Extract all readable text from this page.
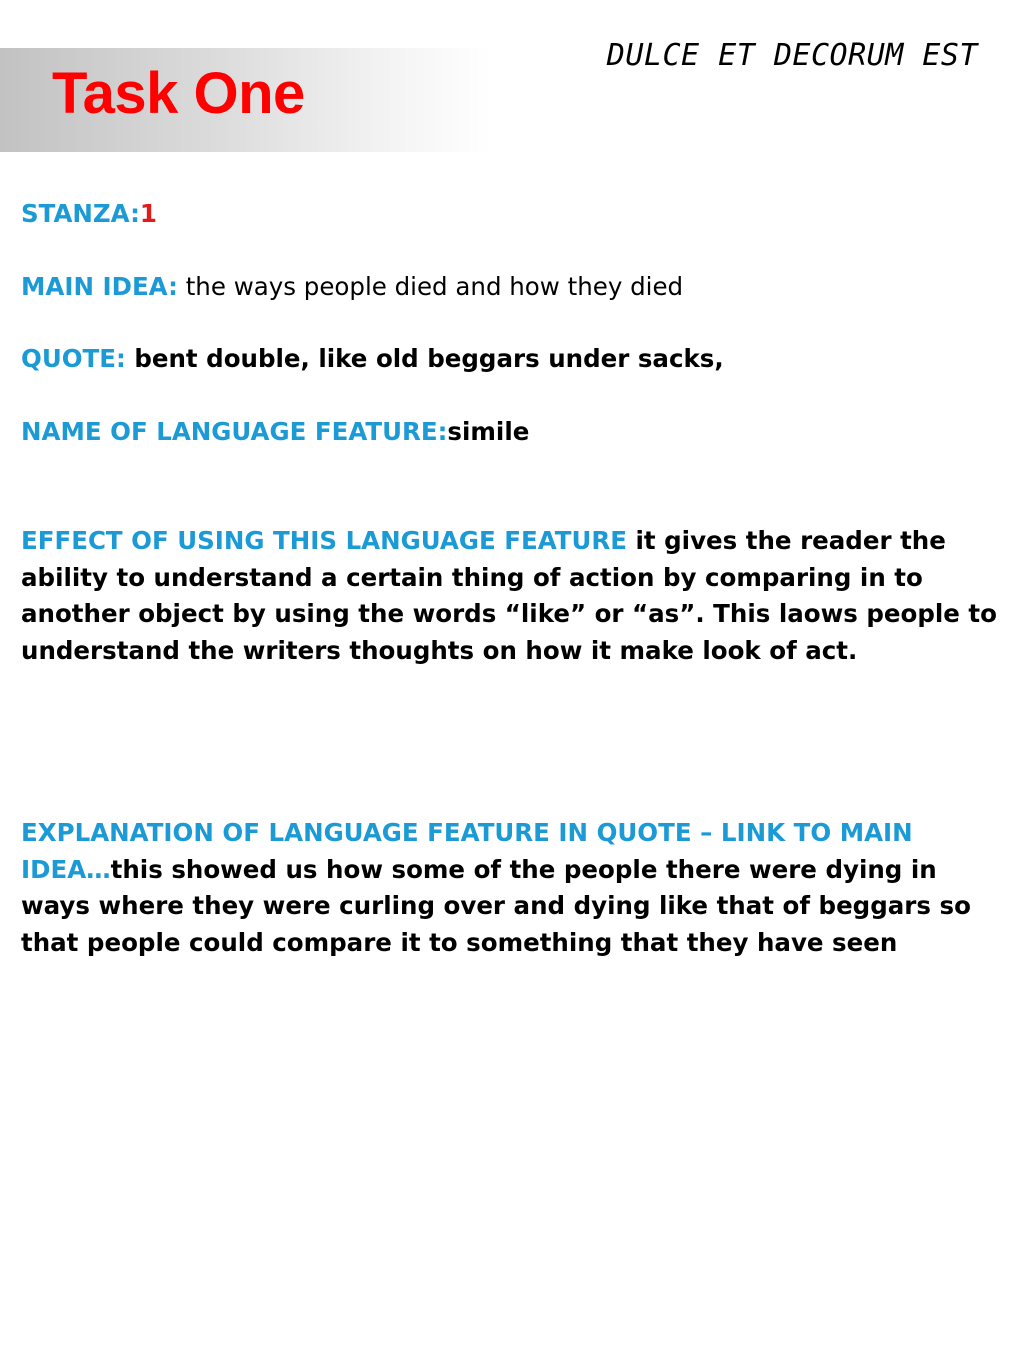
Task One
DULCE ET DECORUM EST

STANZA:1

MAIN IDEA: the ways people died and how they died

QUOTE: bent double, like old beggars under sacks,

NAME OF LANGUAGE FEATURE:simile

EFFECT OF USING THIS LANGUAGE FEATURE it gives the reader the ability to understand a certain thing of action by comparing in to another object by using the words “like” or “as”. This laows people to understand the writers thoughts on how it make look of act.

EXPLANATION OF LANGUAGE FEATURE IN QUOTE – LINK TO MAIN IDEA…this showed us how some of the people there were dying in ways where they were curling over and dying like that of beggars so that people could compare it to something that they have seen
